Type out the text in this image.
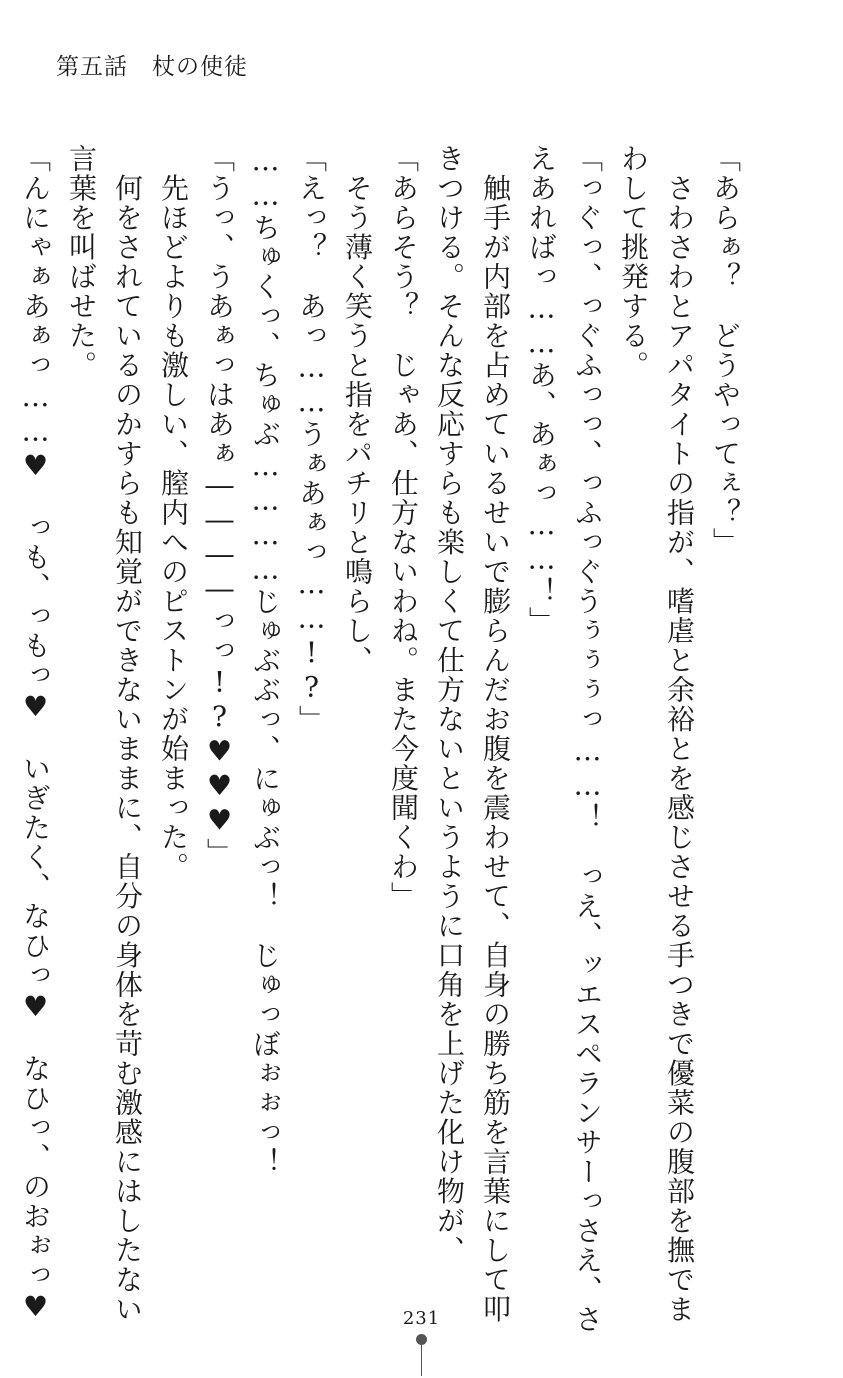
第五話　杖の使徒
「あらぁ？　どうやってぇ？」
　さわさわとアパタイトの指が、嗜虐と余裕とを感じさせる手つきで優菜の腹部を撫でま
わして挑発する。
「っぐっ、っぐふっっ、っふっぐうぅぅぅっ……！　っえ、ッエスペランサーっさえ、さ
えあればっ……あ、あぁっ……！」
　触手が内部を占めているせいで膨らんだお腹を震わせて、自身の勝ち筋を言葉にして叩
きつける。そんな反応すらも楽しくて仕方ないというように口角を上げた化け物が、
「あらそう？　じゃあ、仕方ないわね。また今度聞くわ」
　そう薄く笑うと指をパチリと鳴らし、
「えっ？　あっ……うぁあぁっ……!?」
……ちゅくっ、ちゅぶ…………じゅぶぶっ、にゅぶっ！　じゅっぼぉぉっ！
「うっ、うあぁっはあぁ――――っっ!?♥♥♥」
　先ほどよりも激しい、膣内へのピストンが始まった。
　何をされているのかすらも知覚ができないままに、自分の身体を苛む激感にはしたない
言葉を叫ばせた。
「んにゃぁあぁっ……♥　っも、っもっ♥　いぎたく、なひっ♥　なひっ、のおぉっ♥	231
